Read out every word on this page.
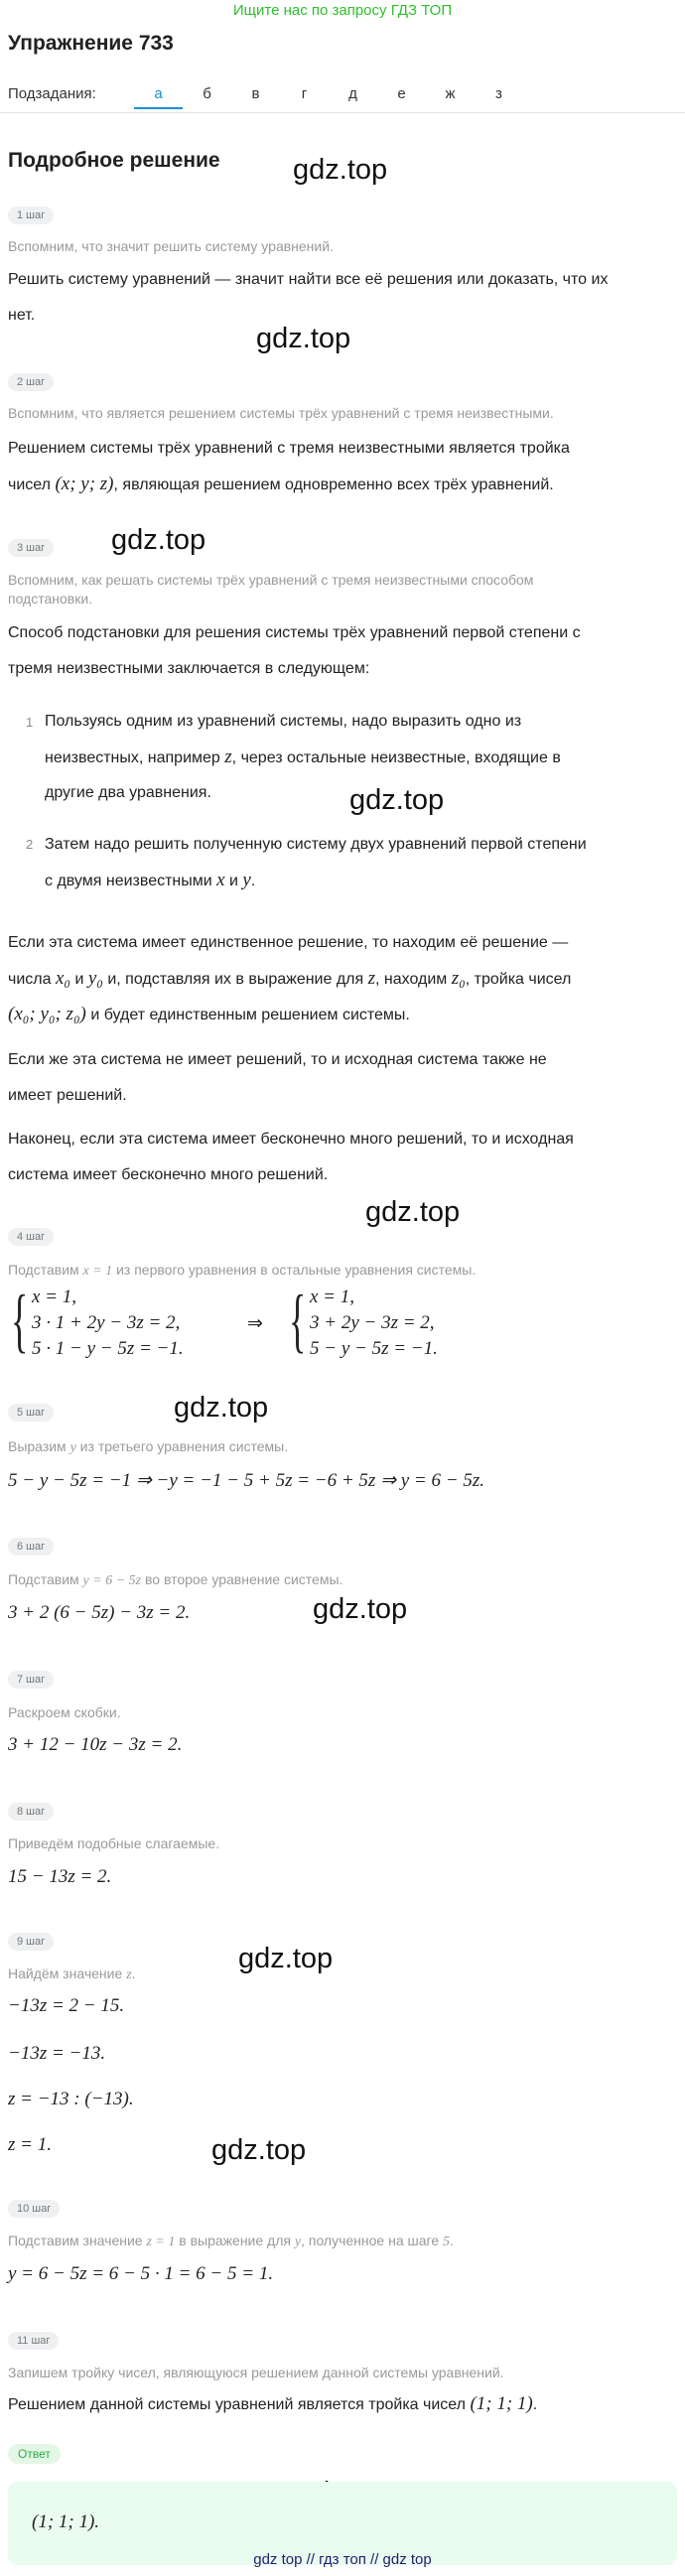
Ищите нас по запросу ГДЗ ТОП
Упражнение 733
Подзадания:	а	б	в	г	д	е	ж	з
Подробное решение	gdz.top
gdz.top
gdz.top
gdz.top
gdz.top
gdz.top
gdz.top
gdz.top
gdz.top
1 шаг
Вспомним, что значит решить систему уравнений.
Решить систему уравнений — значит найти все её решения или доказать, что их нет.
2 шаг
Вспомним, что является решением системы трёх уравнений с тремя неизвестными.
Решением системы трёх уравнений с тремя неизвестными является тройка
чисел (x; y; z), являющая решением одновременно всех трёх уравнений.
3 шаг
Вспомним, как решать системы трёх уравнений с тремя неизвестными способом
подстановки.
Способ подстановки для решения системы трёх уравнений первой степени с
тремя неизвестными заключается в следующем:
1 Пользуясь одним из уравнений системы, надо выразить одно из
неизвестных, например z, через остальные неизвестные, входящие в
другие два уравнения.
2 Затем надо решить полученную систему двух уравнений первой степени
с двумя неизвестными x и y.
Если эта система имеет единственное решение, то находим её решение —
числа x₀ и y₀ и, подставляя их в выражение для z, находим z₀, тройка чисел
(x₀; y₀; z₀) и будет единственным решением системы.
Если же эта система не имеет решений, то и исходная система также не
имеет решений.
Наконец, если эта система имеет бесконечно много решений, то и исходная
система имеет бесконечно много решений.
4 шаг
Подставим x = 1 из первого уравнения в остальные уравнения системы.
{ x = 1,
3 · 1 + 2y − 3z = 2,
5 · 1 − y − 5z = −1.
⇒ { x = 1,
3 + 2y − 3z = 2,
5 − y − 5z = −1.
5 шаг
Выразим y из третьего уравнения системы.
5 − y − 5z = −1 ⇒ −y = −1 − 5 + 5z = −6 + 5z ⇒ y = 6 − 5z.
6 шаг
Подставим y = 6 − 5z во второе уравнение системы.
3 + 2 (6 − 5z) − 3z = 2.
7 шаг
Раскроем скобки.
3 + 12 − 10z − 3z = 2.
8 шаг
Приведём подобные слагаемые.
15 − 13z = 2.
9 шаг
Найдём значение z.
−13z = 2 − 15.
−13z = −13.
z = −13 : (−13).
z = 1.
10 шаг
Подставим значение z = 1 в выражение для y, полученное на шаге 5.
y = 6 − 5z = 6 − 5 · 1 = 6 − 5 = 1.
11 шаг
Запишем тройку чисел, являющуюся решением данной системы уравнений.
Решением данной системы уравнений является тройка чисел (1; 1; 1).
Ответ
(1; 1; 1).
gdz top // гдз топ // gdz top
